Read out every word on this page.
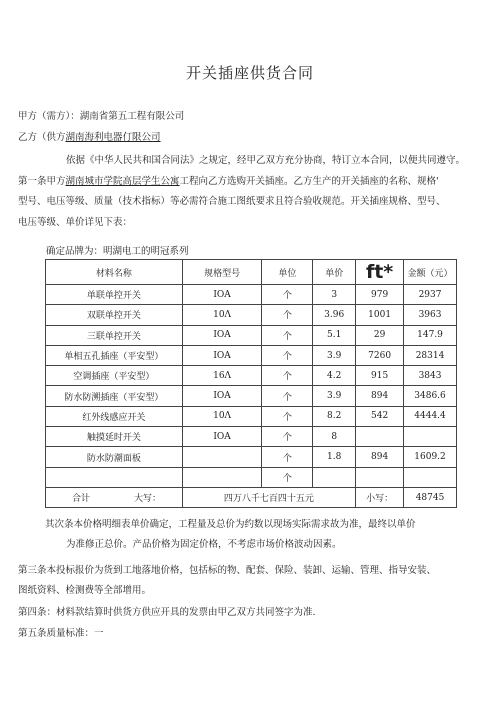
开关插座供货合同
甲方（需方）：湖南省第五工程有限公司
乙方（供方湖南海利电器仃限公司
依据《中华人民共和国合同法》之规定，经甲乙双方充分协商，特订立本合同，以便共同遵守。
第一条甲方湖南城市学院高层学生公寓工程向乙方选购开关插座。乙方生产的开关插座的名称、规格'
型号、电压等级、质量（技术指标）等必需符合施工图纸要求且符合验收规范。开关插座规格、型号、
电压等级、单价详见下表：
确定品牌为：明湖电工的明冠系列
材料名称	规格型号	单位	单价	ft*	金额（元）
单联单控开关	IOA	个	3	979	2937
双联单控开关	10Λ	个	3.96	1001	3963
三联单控开关	IOA	个	5.1	29	147.9
单相五孔插座（平安型）	IOA	个	3.9	7260	28314
空调插座（平安型）	16Λ	个	4.2	915	3843
防水防溯插座（平安型）	IOA	个	3.9	894	3486.6
红外线感应开关	10Λ	个	8.2	542	4444.4
触摸延时开关	IOA	个	8		
防水防潮面板		个	1.8	894	1609.2
		个			
合计 大写：	四万八千七百四十五元			小写：	48745
其次条本价格明细表单价确定，工程量及总价为约数以现场实际需求故为准，最终以单价
为准修正总价。产品价格为固定价格，不考虑市场价格波动因素。
第三条本投标报价为货到工地落地价格，包括标的物、配套、保险、装卸、运输、管理、指导安装、
图纸资料、检测费等全部增用。
第四条：材料款结算时供货方供应开具的发票由甲乙双方共同签字为准.
第五条质量标准：一
